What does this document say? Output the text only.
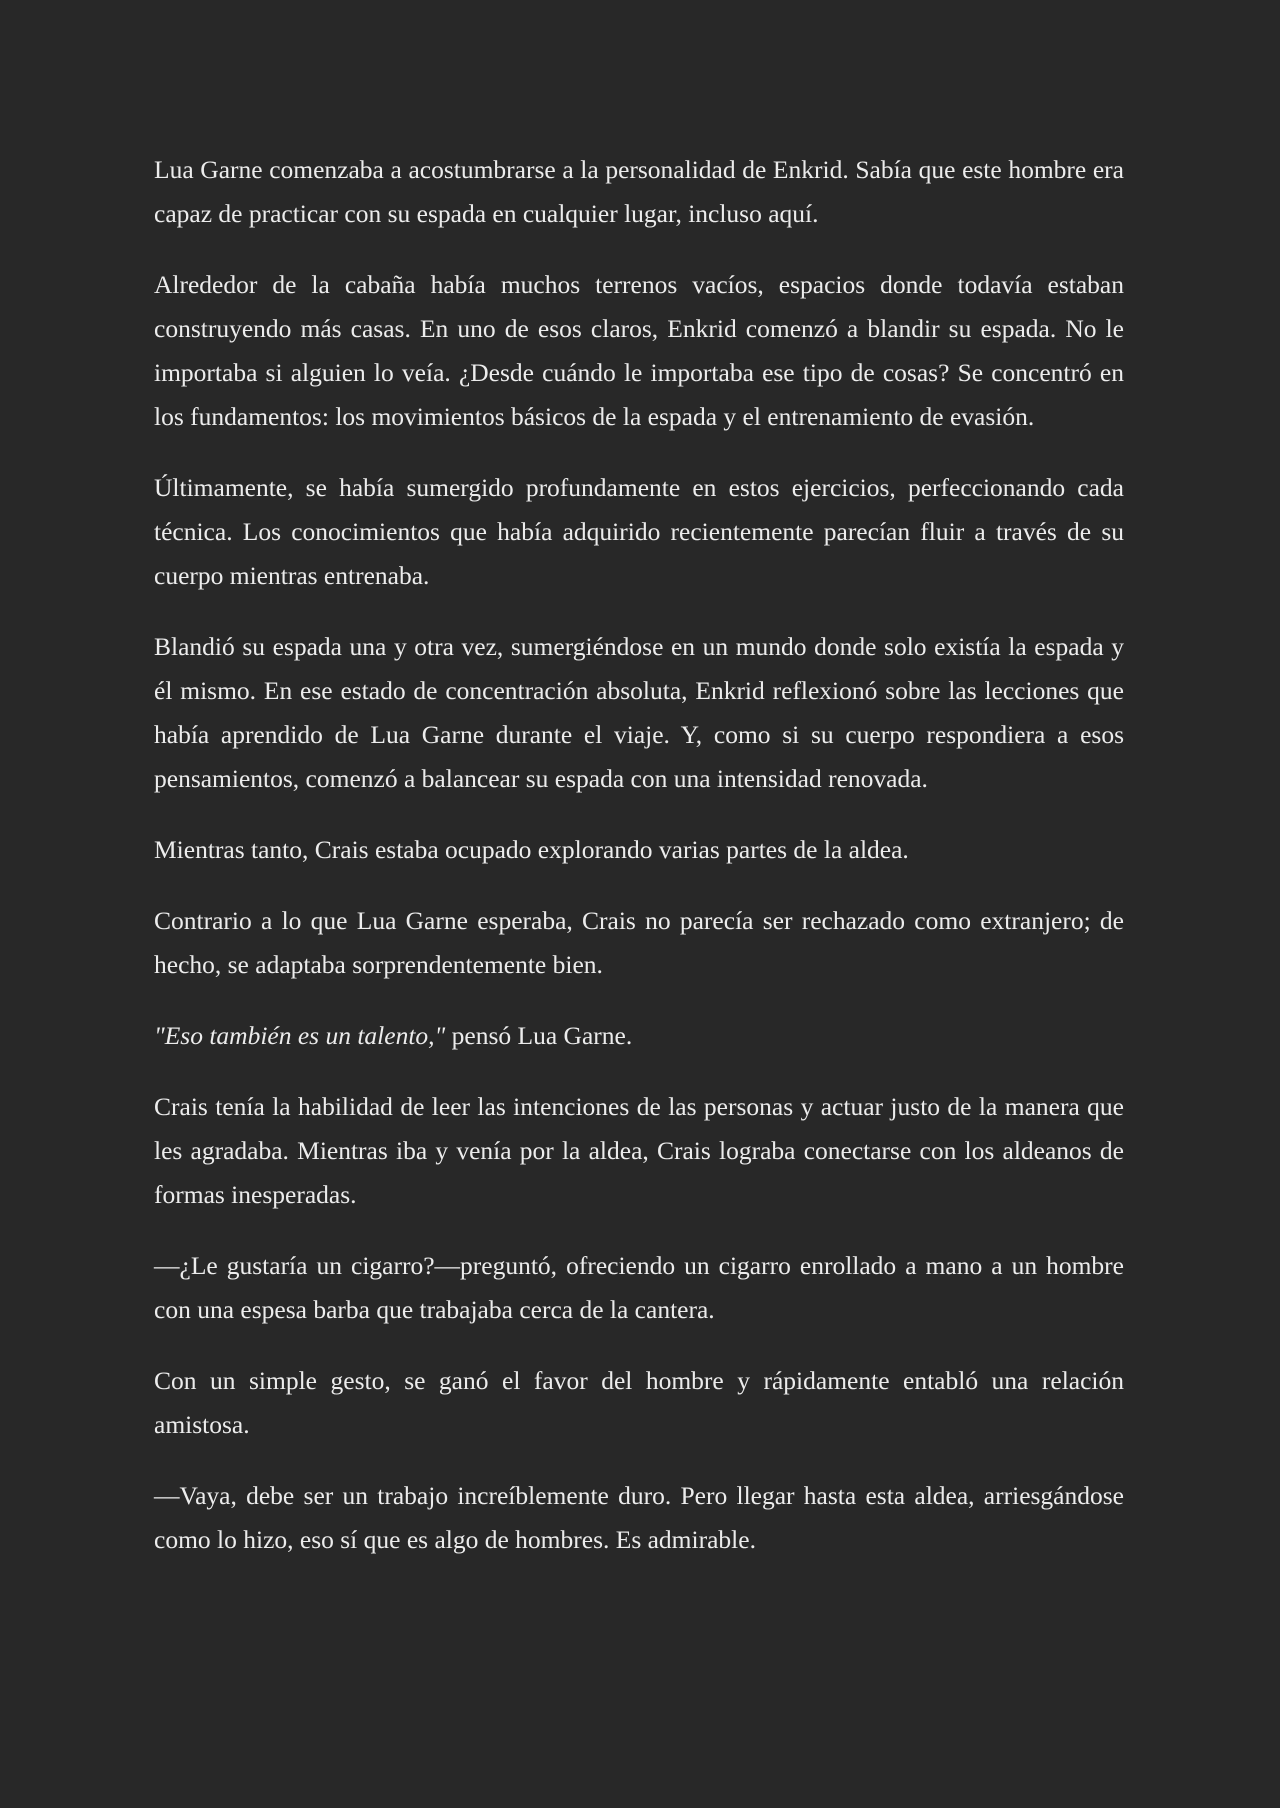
Lua Garne comenzaba a acostumbrarse a la personalidad de Enkrid. Sabía que este hombre era capaz de practicar con su espada en cualquier lugar, incluso aquí.

Alrededor de la cabaña había muchos terrenos vacíos, espacios donde todavía estaban construyendo más casas. En uno de esos claros, Enkrid comenzó a blandir su espada. No le importaba si alguien lo veía. ¿Desde cuándo le importaba ese tipo de cosas? Se concentró en los fundamentos: los movimientos básicos de la espada y el entrenamiento de evasión.

Últimamente, se había sumergido profundamente en estos ejercicios, perfeccionando cada técnica. Los conocimientos que había adquirido recientemente parecían fluir a través de su cuerpo mientras entrenaba.

Blandió su espada una y otra vez, sumergiéndose en un mundo donde solo existía la espada y él mismo. En ese estado de concentración absoluta, Enkrid reflexionó sobre las lecciones que había aprendido de Lua Garne durante el viaje. Y, como si su cuerpo respondiera a esos pensamientos, comenzó a balancear su espada con una intensidad renovada.

Mientras tanto, Crais estaba ocupado explorando varias partes de la aldea.

Contrario a lo que Lua Garne esperaba, Crais no parecía ser rechazado como extranjero; de hecho, se adaptaba sorprendentemente bien.

"Eso también es un talento," pensó Lua Garne.

Crais tenía la habilidad de leer las intenciones de las personas y actuar justo de la manera que les agradaba. Mientras iba y venía por la aldea, Crais lograba conectarse con los aldeanos de formas inesperadas.

—¿Le gustaría un cigarro?—preguntó, ofreciendo un cigarro enrollado a mano a un hombre con una espesa barba que trabajaba cerca de la cantera.

Con un simple gesto, se ganó el favor del hombre y rápidamente entabló una relación amistosa.

—Vaya, debe ser un trabajo increíblemente duro. Pero llegar hasta esta aldea, arriesgándose como lo hizo, eso sí que es algo de hombres. Es admirable.
